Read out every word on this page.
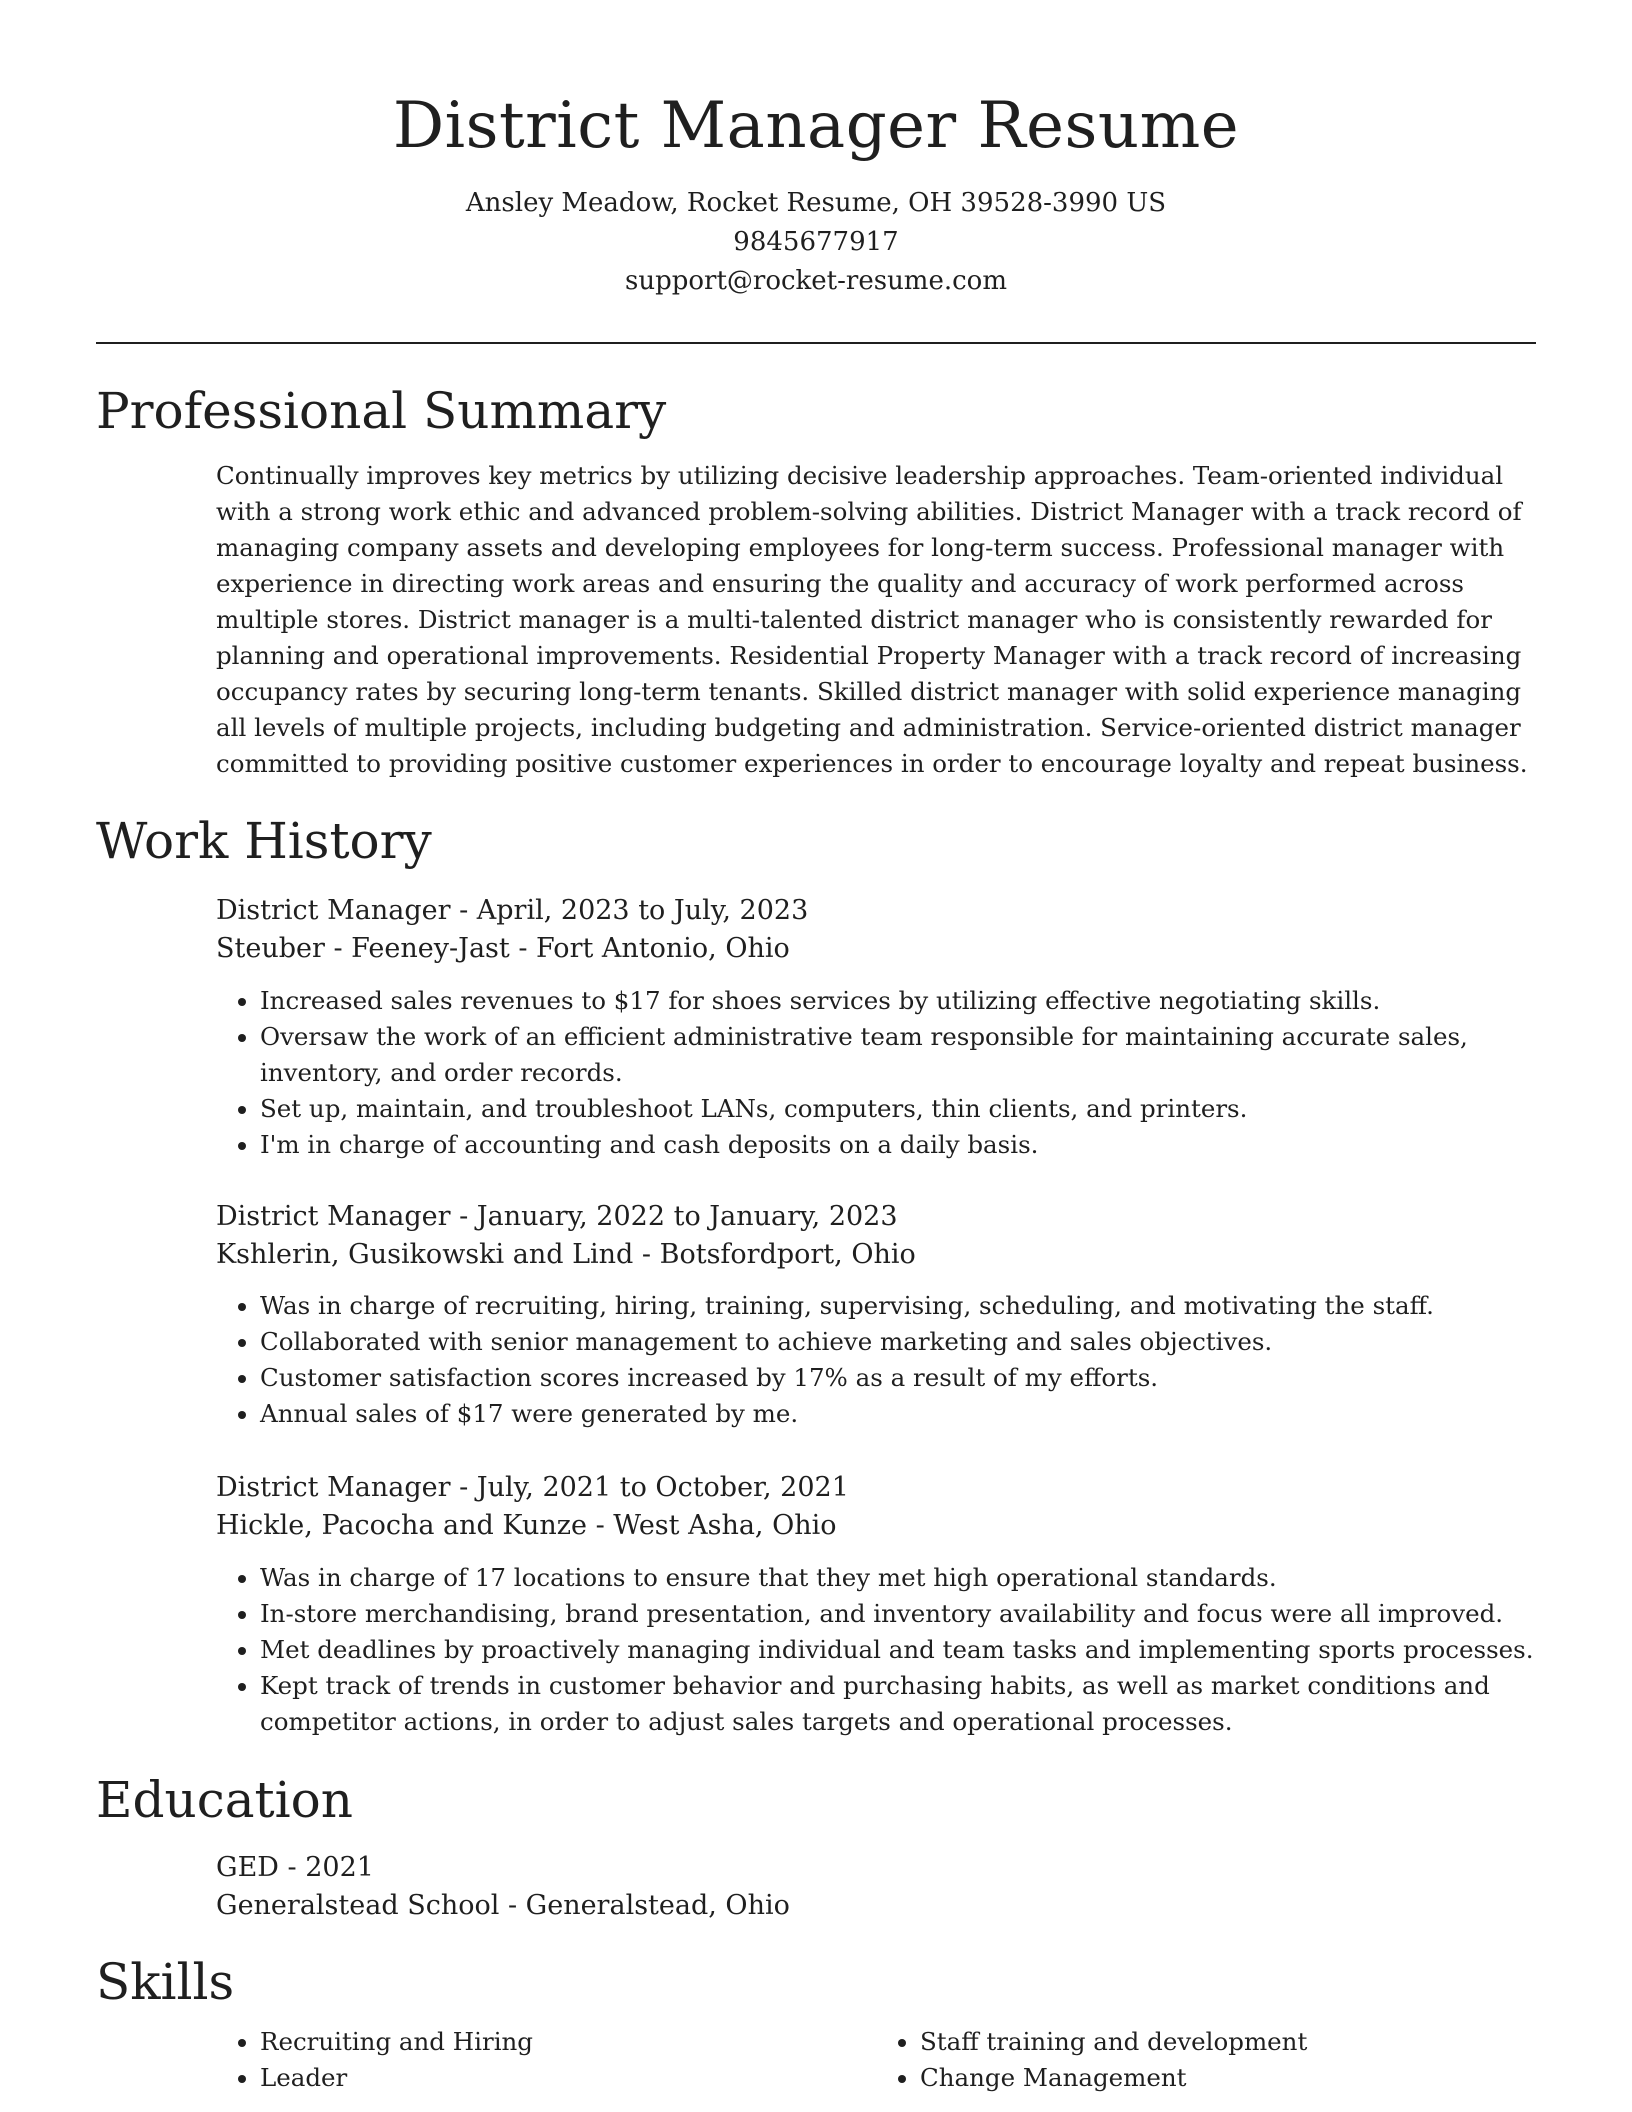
District Manager Resume
Ansley Meadow, Rocket Resume, OH 39528-3990 US
9845677917
support@rocket-resume.com
Professional Summary
Continually improves key metrics by utilizing decisive leadership approaches. Team-oriented individual with a strong work ethic and advanced problem-solving abilities. District Manager with a track record of managing company assets and developing employees for long-term success. Professional manager with experience in directing work areas and ensuring the quality and accuracy of work performed across multiple stores. District manager is a multi-talented district manager who is consistently rewarded for planning and operational improvements. Residential Property Manager with a track record of increasing occupancy rates by securing long-term tenants. Skilled district manager with solid experience managing all levels of multiple projects, including budgeting and administration. Service-oriented district manager committed to providing positive customer experiences in order to encourage loyalty and repeat business.
Work History
District Manager - April, 2023 to July, 2023
Steuber - Feeney-Jast - Fort Antonio, Ohio
• Increased sales revenues to $17 for shoes services by utilizing effective negotiating skills.
• Oversaw the work of an efficient administrative team responsible for maintaining accurate sales, inventory, and order records.
• Set up, maintain, and troubleshoot LANs, computers, thin clients, and printers.
• I'm in charge of accounting and cash deposits on a daily basis.
District Manager - January, 2022 to January, 2023
Kshlerin, Gusikowski and Lind - Botsfordport, Ohio
• Was in charge of recruiting, hiring, training, supervising, scheduling, and motivating the staff.
• Collaborated with senior management to achieve marketing and sales objectives.
• Customer satisfaction scores increased by 17% as a result of my efforts.
• Annual sales of $17 were generated by me.
District Manager - July, 2021 to October, 2021
Hickle, Pacocha and Kunze - West Asha, Ohio
• Was in charge of 17 locations to ensure that they met high operational standards.
• In-store merchandising, brand presentation, and inventory availability and focus were all improved.
• Met deadlines by proactively managing individual and team tasks and implementing sports processes.
• Kept track of trends in customer behavior and purchasing habits, as well as market conditions and competitor actions, in order to adjust sales targets and operational processes.
Education
GED - 2021
Generalstead School - Generalstead, Ohio
Skills
• Recruiting and Hiring
• Leader
• Staff training and development
• Change Management
